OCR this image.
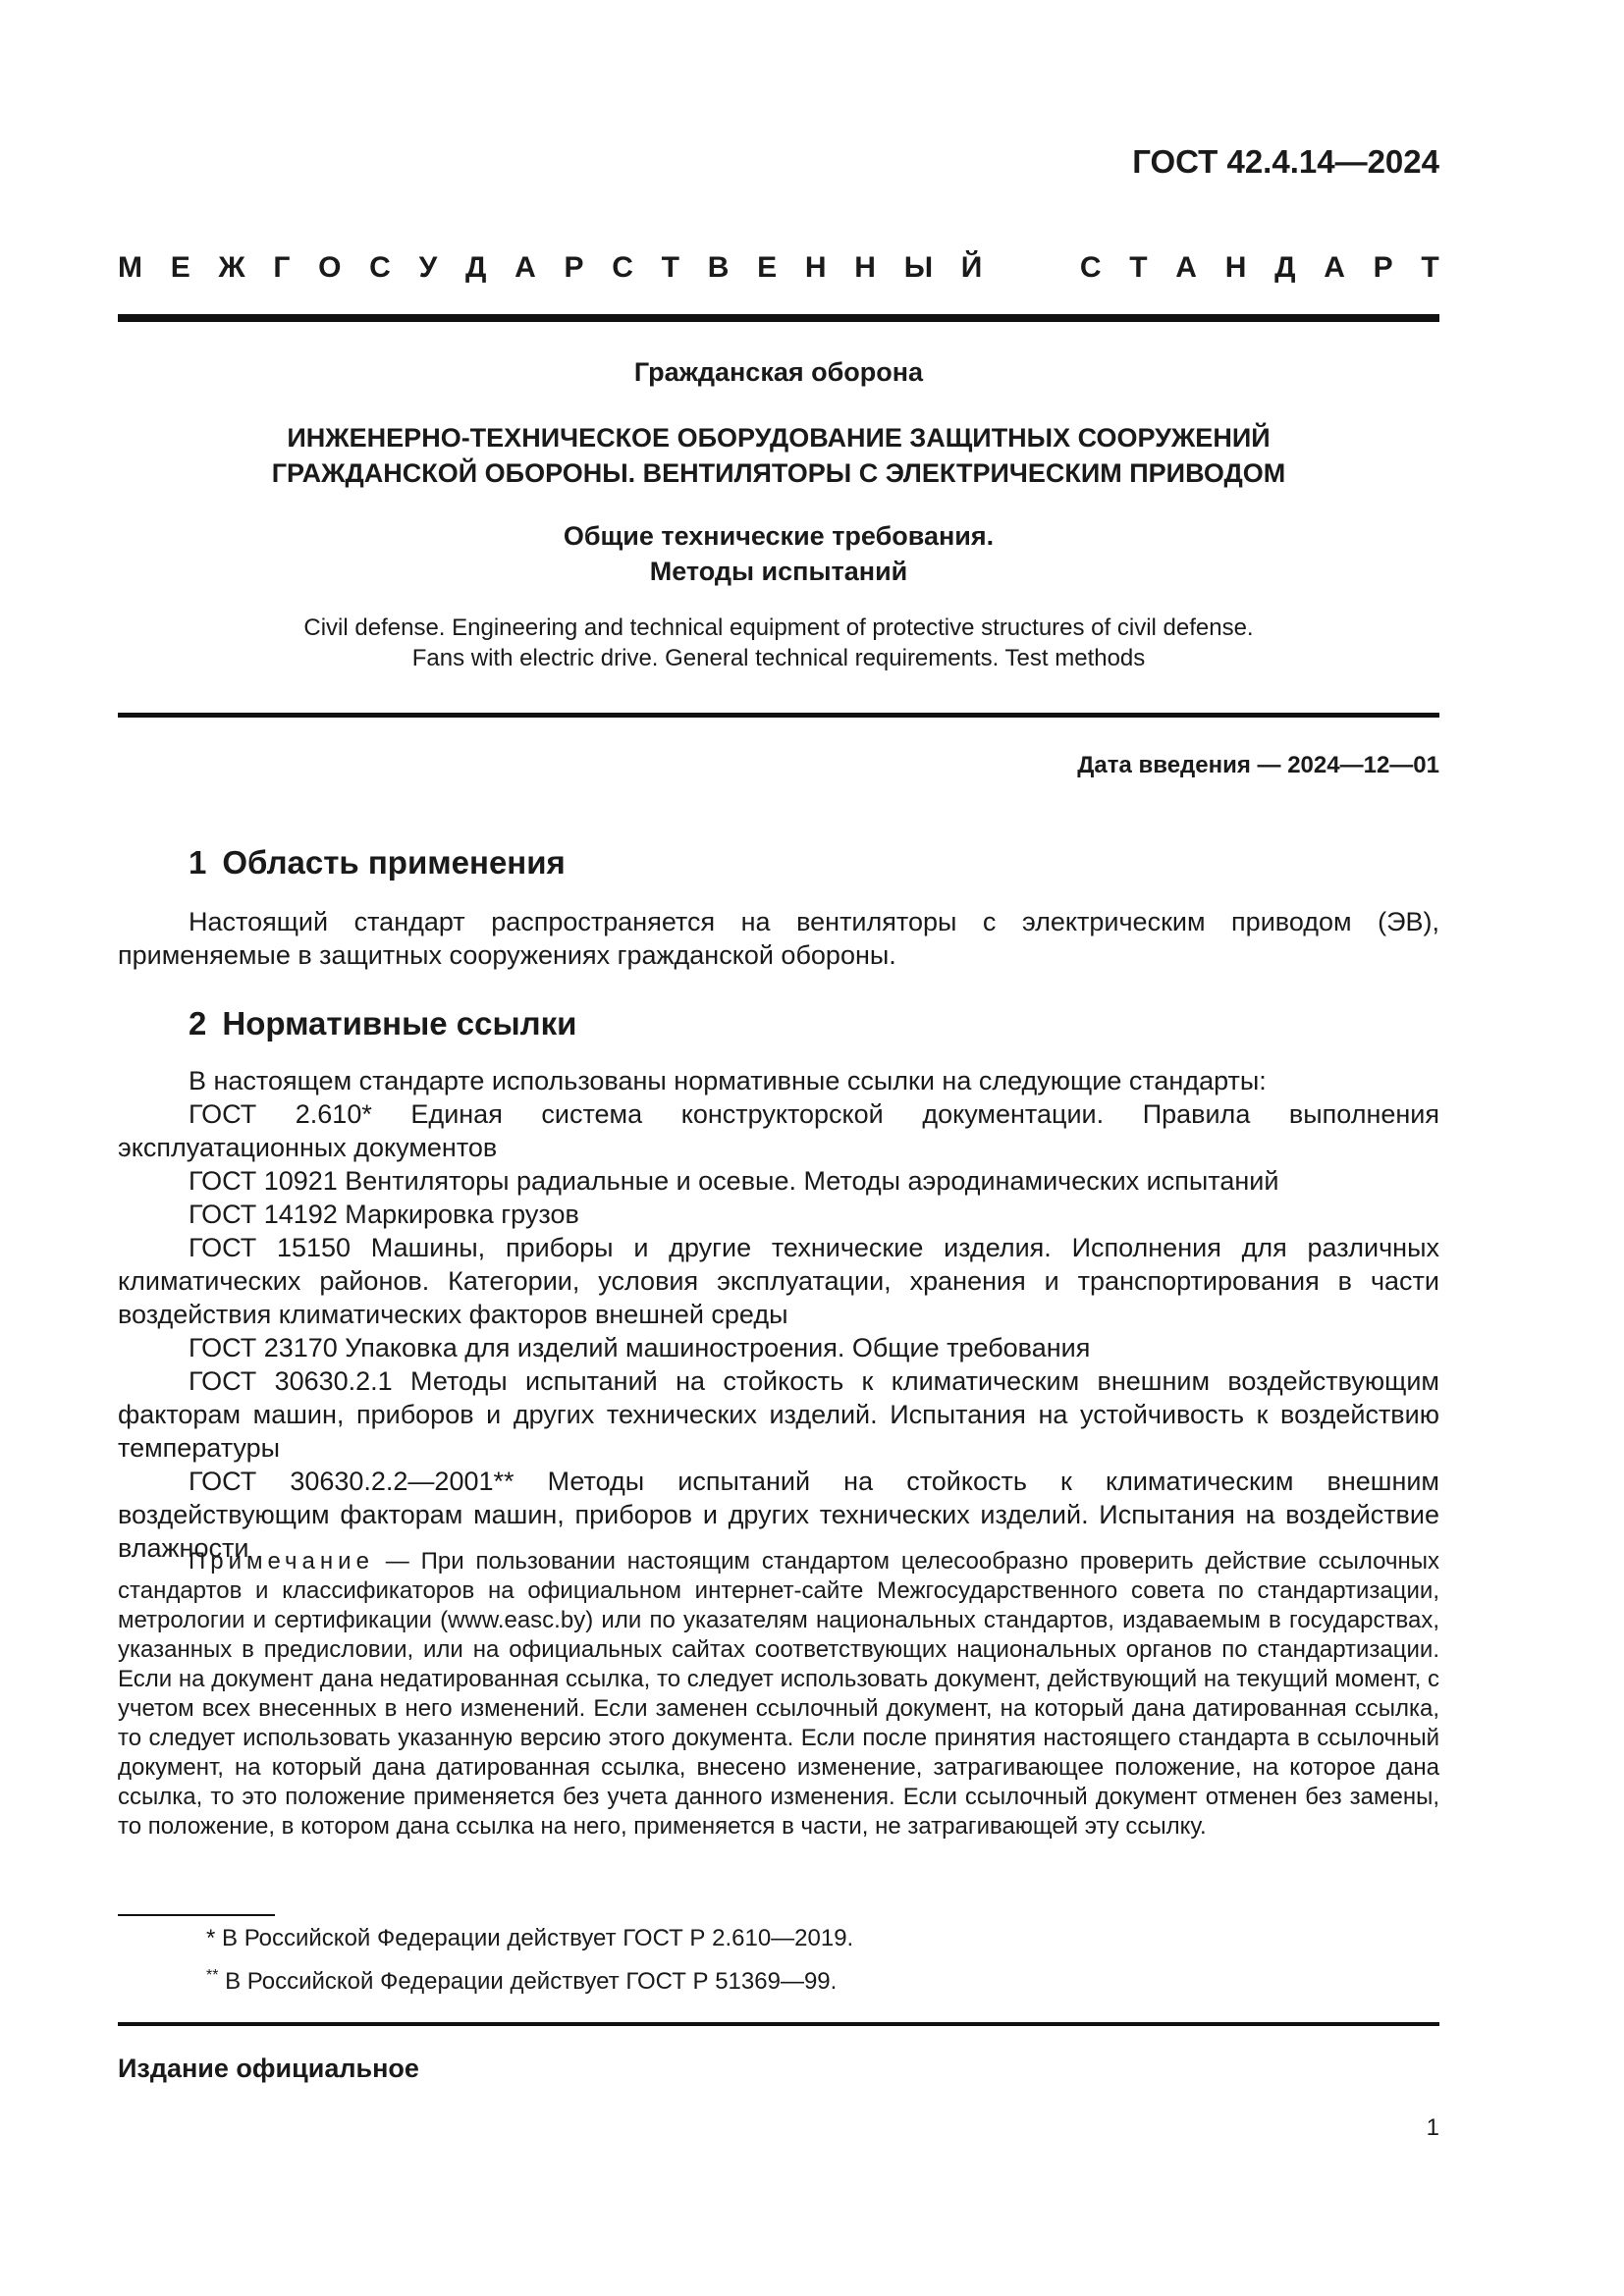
ГОСТ 42.4.14—2024
М Е Ж Г О С У Д А Р С Т В Е Н Н Ы Й	С Т А Н Д А Р Т
Гражданская оборона
ИНЖЕНЕРНО-ТЕХНИЧЕСКОЕ ОБОРУДОВАНИЕ ЗАЩИТНЫХ СООРУЖЕНИЙ
ГРАЖДАНСКОЙ ОБОРОНЫ. ВЕНТИЛЯТОРЫ С ЭЛЕКТРИЧЕСКИМ ПРИВОДОМ
Общие технические требования.
Методы испытаний
Civil defense. Engineering and technical equipment of protective structures of civil defense.
Fans with electric drive. General technical requirements. Test methods
Дата введения — 2024—12—01
1 Область применения

Настоящий стандарт распространяется на вентиляторы с электрическим приводом (ЭВ), применяемые в защитных сооружениях гражданской обороны.

2 Нормативные ссылки

В настоящем стандарте использованы нормативные ссылки на следующие стандарты:

ГОСТ 2.610* Единая система конструкторской документации. Правила выполнения эксплуатационных документов

ГОСТ 10921 Вентиляторы радиальные и осевые. Методы аэродинамических испытаний

ГОСТ 14192 Маркировка грузов

ГОСТ 15150 Машины, приборы и другие технические изделия. Исполнения для различных климатических районов. Категории, условия эксплуатации, хранения и транспортирования в части воздействия климатических факторов внешней среды

ГОСТ 23170 Упаковка для изделий машиностроения. Общие требования

ГОСТ 30630.2.1 Методы испытаний на стойкость к климатическим внешним воздействующим факторам машин, приборов и других технических изделий. Испытания на устойчивость к воздействию температуры

ГОСТ 30630.2.2—2001** Методы испытаний на стойкость к климатическим внешним воздействующим факторам машин, приборов и других технических изделий. Испытания на воздействие влажности

Примечание — При пользовании настоящим стандартом целесообразно проверить действие ссылочных стандартов и классификаторов на официальном интернет-сайте Межгосударственного совета по стандартизации, метрологии и сертификации (www.easc.by) или по указателям национальных стандартов, издаваемым в государствах, указанных в предисловии, или на официальных сайтах соответствующих национальных органов по стандартизации. Если на документ дана недатированная ссылка, то следует использовать документ, действующий на текущий момент, с учетом всех внесенных в него изменений. Если заменен ссылочный документ, на который дана датированная ссылка, то следует использовать указанную версию этого документа. Если после принятия настоящего стандарта в ссылочный документ, на который дана датированная ссылка, внесено изменение, затрагивающее положение, на которое дана ссылка, то это положение применяется без учета данного изменения. Если ссылочный документ отменен без замены, то положение, в котором дана ссылка на него, применяется в части, не затрагивающей эту ссылку.
* В Российской Федерации действует ГОСТ Р 2.610—2019.
** В Российской Федерации действует ГОСТ Р 51369—99.
Издание официальное
1
